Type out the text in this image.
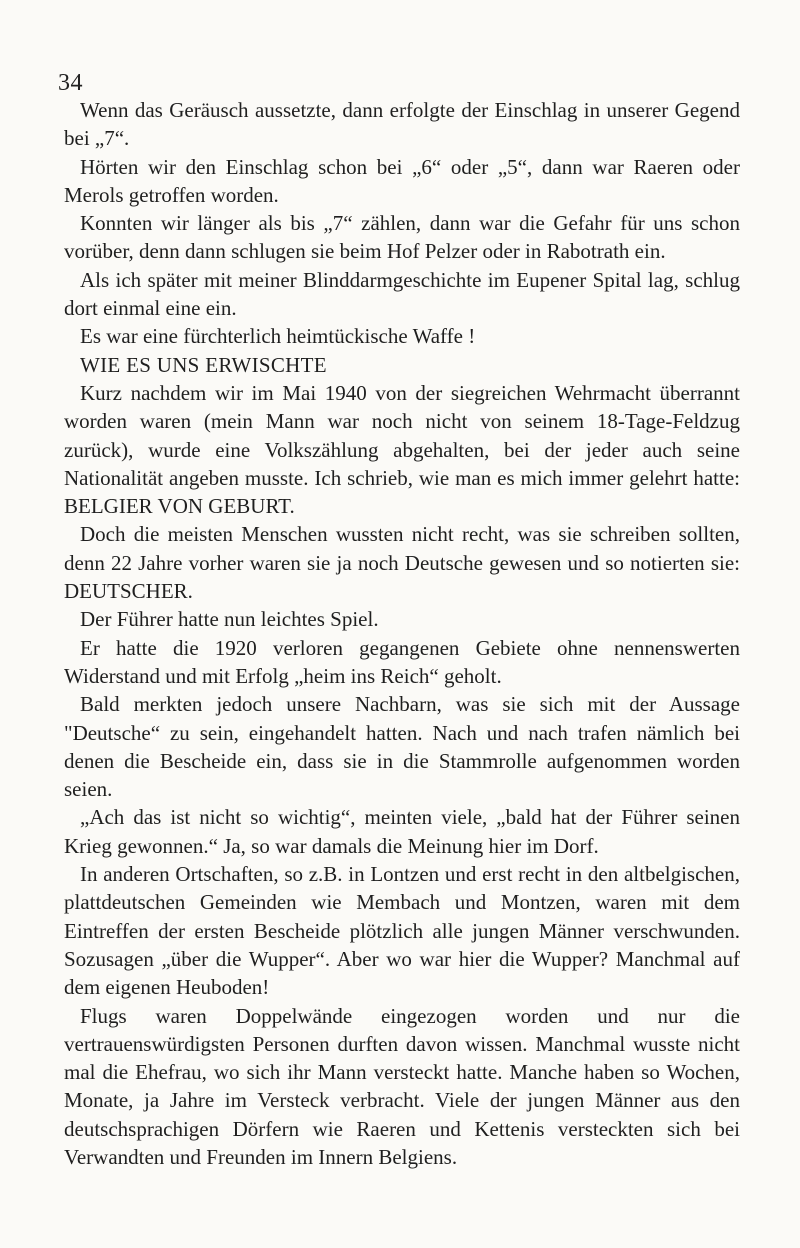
34

Wenn das Geräusch aussetzte, dann erfolgte der Einschlag in unserer Gegend bei „7“.

Hörten wir den Einschlag schon bei „6“ oder „5“, dann war Raeren oder Merols getroffen worden.

Konnten wir länger als bis „7“ zählen, dann war die Gefahr für uns schon vorüber, denn dann schlugen sie beim Hof Pelzer oder in Rabotrath ein.

Als ich später mit meiner Blinddarmgeschichte im Eupener Spital lag, schlug dort einmal eine ein.

Es war eine fürchterlich heimtückische Waffe !

WIE ES UNS ERWISCHTE

Kurz nachdem wir im Mai 1940 von der siegreichen Wehrmacht überrannt worden waren (mein Mann war noch nicht von seinem 18-Tage-Feldzug zurück), wurde eine Volkszählung abgehalten, bei der jeder auch seine Nationalität angeben musste. Ich schrieb, wie man es mich immer gelehrt hatte: BELGIER VON GEBURT.

Doch die meisten Menschen wussten nicht recht, was sie schreiben sollten, denn 22 Jahre vorher waren sie ja noch Deutsche gewesen und so notierten sie: DEUTSCHER.

Der Führer hatte nun leichtes Spiel.

Er hatte die 1920 verloren gegangenen Gebiete ohne nennenswerten Widerstand und mit Erfolg „heim ins Reich“ geholt.

Bald merkten jedoch unsere Nachbarn, was sie sich mit der Aussage "Deutsche“ zu sein, eingehandelt hatten. Nach und nach trafen nämlich bei denen die Bescheide ein, dass sie in die Stammrolle aufgenommen worden seien.

„Ach das ist nicht so wichtig“, meinten viele, „bald hat der Führer seinen Krieg gewonnen.“ Ja, so war damals die Meinung hier im Dorf.

In anderen Ortschaften, so z.B. in Lontzen und erst recht in den altbelgischen, plattdeutschen Gemeinden wie Membach und Montzen, waren mit dem Eintreffen der ersten Bescheide plötzlich alle jungen Männer verschwunden. Sozusagen „über die Wupper“. Aber wo war hier die Wupper? Manchmal auf dem eigenen Heuboden!

Flugs waren Doppelwände eingezogen worden und nur die vertrauenswürdigsten Personen durften davon wissen. Manchmal wusste nicht mal die Ehefrau, wo sich ihr Mann versteckt hatte. Manche haben so Wochen, Monate, ja Jahre im Versteck verbracht. Viele der jungen Männer aus den deutschsprachigen Dörfern wie Raeren und Kettenis versteckten sich bei Verwandten und Freunden im Innern Belgiens.
